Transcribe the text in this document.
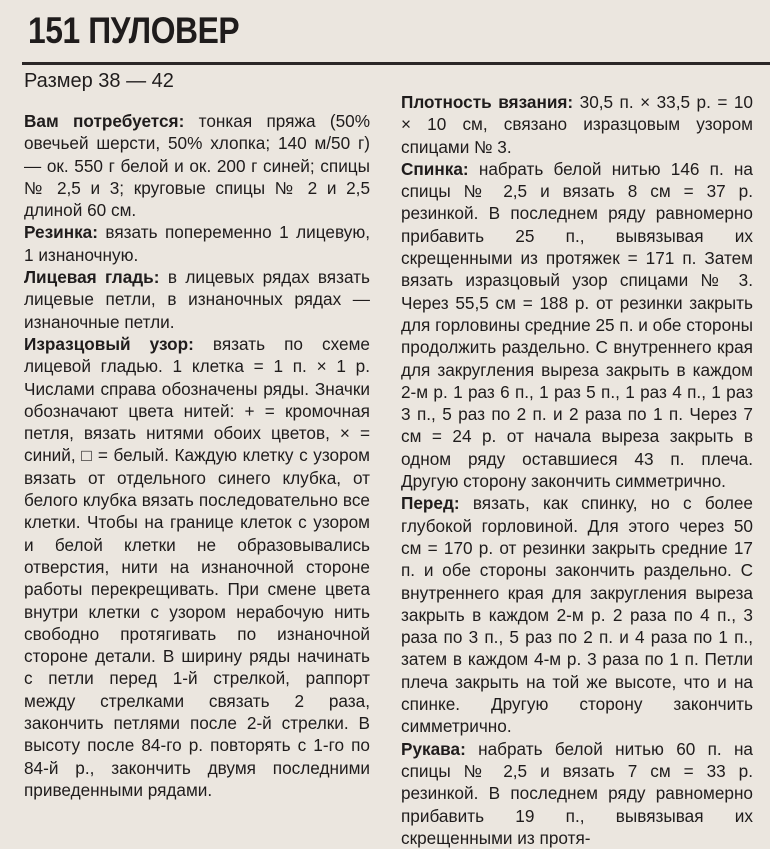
151 ПУЛОВЕР
Размер 38 — 42

Вам потребуется: тонкая пряжа (50% овечьей шерсти, 50% хлопка; 140 м/50 г) — ок. 550 г белой и ок. 200 г синей; спицы № 2,5 и 3; круговые спицы № 2 и 2,5 длиной 60 см.

Резинка: вязать попеременно 1 лицевую, 1 изнаночную.

Лицевая гладь: в лицевых рядах вязать лицевые петли, в изнаночных рядах — изнаночные петли.

Изразцовый узор: вязать по схеме лицевой гладью. 1 клетка = 1 п. × 1 р. Числами справа обозначены ряды. Значки обозначают цвета нитей: + = кромочная петля, вязать нитями обоих цветов, × = синий, □ = белый. Каждую клетку с узором вязать от отдельного синего клубка, от белого клубка вязать последовательно все клетки. Чтобы на границе клеток с узором и белой клетки не образовывались отверстия, нити на изнаночной стороне работы перекрещивать. При смене цвета внутри клетки с узором нерабочую нить свободно протягивать по изнаночной стороне детали. В ширину ряды начинать с петли перед 1-й стрелкой, раппорт между стрелками связать 2 раза, закончить петлями после 2-й стрелки. В высоту после 84-го р. повторять с 1-го по 84-й р., закончить двумя последними приведенными рядами.

Плотность вязания: 30,5 п. × 33,5 р. = 10 × 10 см, связано изразцовым узором спицами № 3.

Спинка: набрать белой нитью 146 п. на спицы № 2,5 и вязать 8 см = 37 р. резинкой. В последнем ряду равномерно прибавить 25 п., вывязывая их скрещенными из протяжек = 171 п. Затем вязать изразцовый узор спицами № 3. Через 55,5 см = 188 р. от резинки закрыть для горловины средние 25 п. и обе стороны продолжить раздельно. С внутреннего края для закругления выреза закрыть в каждом 2-м р. 1 раз 6 п., 1 раз 5 п., 1 раз 4 п., 1 раз 3 п., 5 раз по 2 п. и 2 раза по 1 п. Через 7 см = 24 р. от начала выреза закрыть в одном ряду оставшиеся 43 п. плеча. Другую сторону закончить симметрично.

Перед: вязать, как спинку, но с более глубокой горловиной. Для этого через 50 см = 170 р. от резинки закрыть средние 17 п. и обе стороны закончить раздельно. С внутреннего края для закругления выреза закрыть в каждом 2-м р. 2 раза по 4 п., 3 раза по 3 п., 5 раз по 2 п. и 4 раза по 1 п., затем в каждом 4-м р. 3 раза по 1 п. Петли плеча закрыть на той же высоте, что и на спинке. Другую сторону закончить симметрично.

Рукава: набрать белой нитью 60 п. на спицы № 2,5 и вязать 7 см = 33 р. резинкой. В последнем ряду равномерно прибавить 19 п., вывязывая их скрещенными из протя-
